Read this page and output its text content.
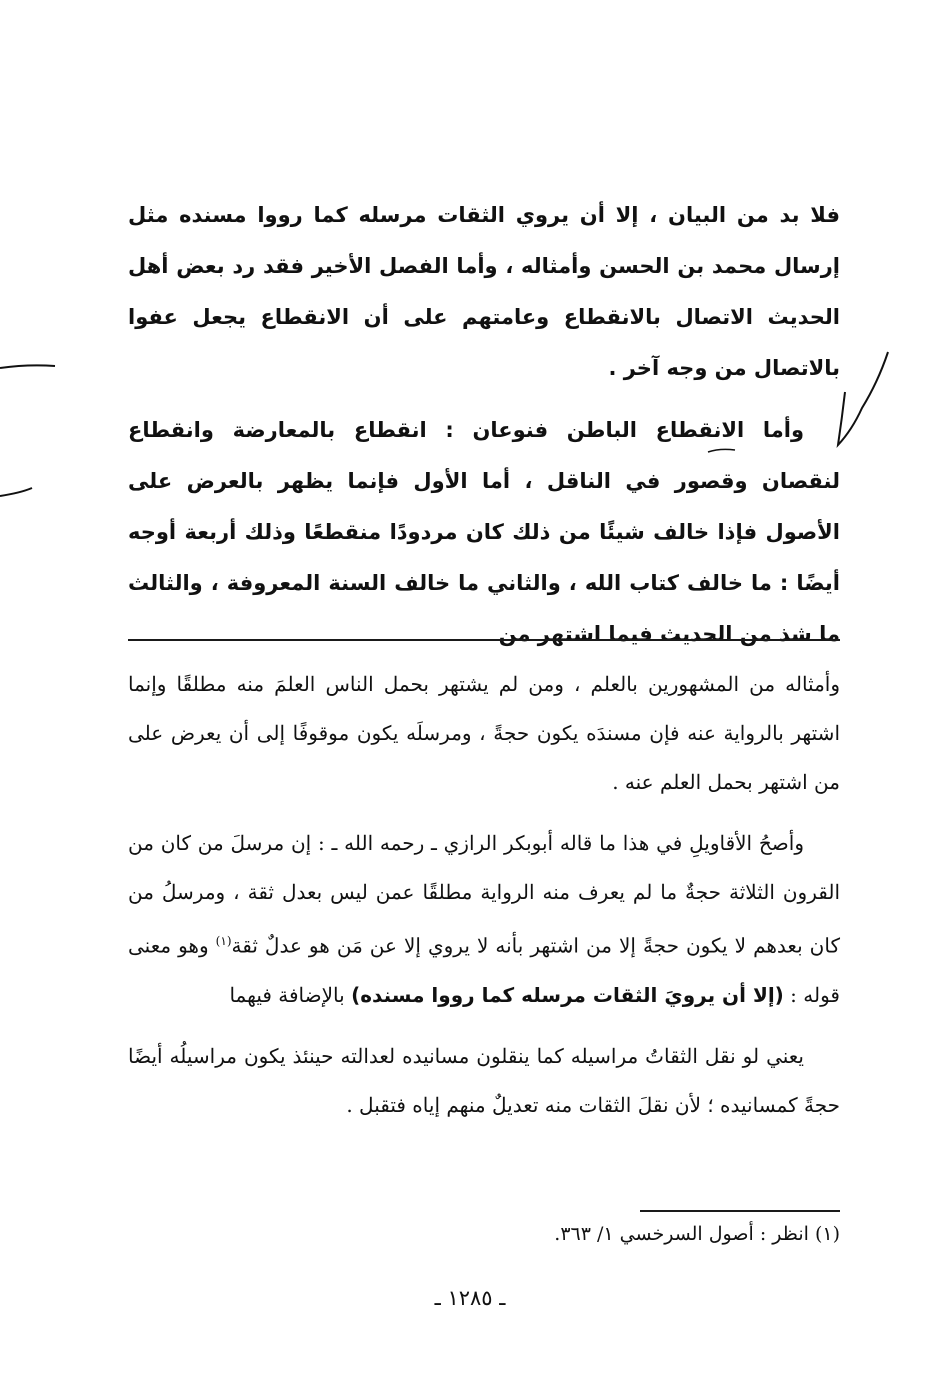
فلا بد من البيان ، إلا أن يروي الثقات مرسله كما رووا مسنده مثل إرسال محمد بن الحسن وأمثاله ، وأما الفصل الأخير فقد رد بعض أهل الحديث الاتصال بالانقطاع وعامتهم على أن الانقطاع يجعل عفوا بالاتصال من وجه آخر .

وأما الانقطاع الباطن فنوعان : انقطاع بالمعارضة وانقطاع لنقصان وقصور في الناقل ، أما الأول فإنما يظهر بالعرض على الأصول فإذا خالف شيئًا من ذلك كان مردودًا منقطعًا وذلك أربعة أوجه أيضًا : ما خالف كتاب الله ، والثاني ما خالف السنة المعروفة ، والثالث ما شذ من الحديث فيما اشتهر من

وأمثاله من المشهورين بالعلم ، ومن لم يشتهر بحمل الناس العلمَ منه مطلقًا وإنما اشتهر بالرواية عنه فإن مسندَه يكون حجةً ، ومرسلَه يكون موقوفًا إلى أن يعرض على من اشتهر بحمل العلم عنه .

وأصحُ الأقاويلِ في هذا ما قاله أبوبكر الرازي ـ رحمه الله ـ : إن مرسلَ من كان من القرون الثلاثة حجةٌ ما لم يعرف منه الرواية مطلقًا عمن ليس بعدل ثقة ، ومرسلُ من كان بعدهم لا يكون حجةً إلا من اشتهر بأنه لا يروي إلا عن مَن هو عدلٌ ثقة$^{(١)}$ وهو معنى قوله : (إلا أن يرويَ الثقات مرسله كما رووا مسنده) بالإضافة فيهما

يعني لو نقل الثقاتُ مراسيله كما ينقلون مسانيده لعدالته حينئذ يكون مراسيلُه أيضًا حجةً كمسانيده ؛ لأن نقلَ الثقات منه تعديلٌ منهم إياه فتقبل .

(١) انظر : أصول السرخسي ١/ ٣٦٣.
ـ ١٢٨٥ ـ
